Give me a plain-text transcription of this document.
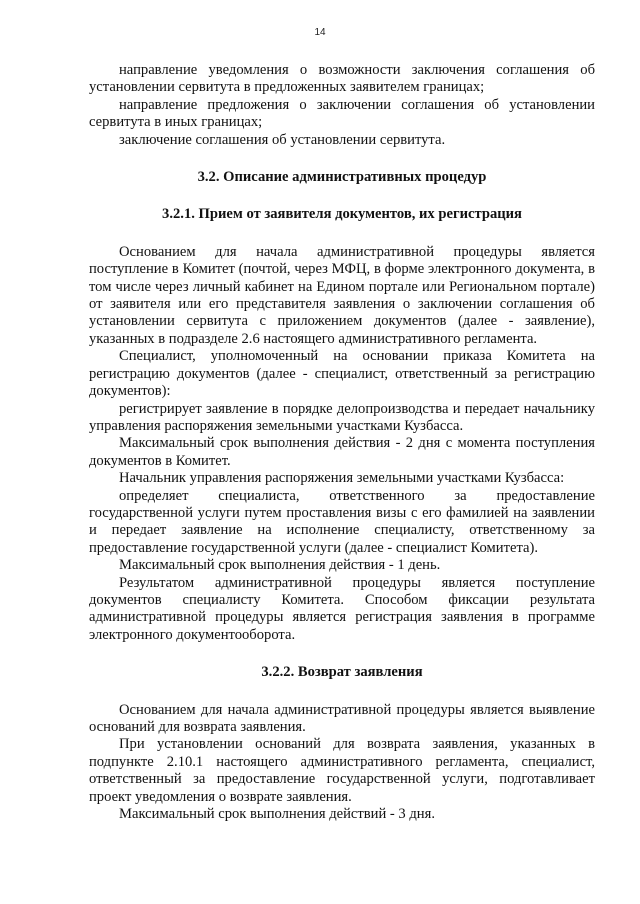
14

направление уведомления о возможности заключения соглашения об установлении сервитута в предложенных заявителем границах;

направление предложения о заключении соглашения об установлении сервитута в иных границах;

заключение соглашения об установлении сервитута.

3.2. Описание административных процедур
3.2.1. Прием от заявителя документов, их регистрация

Основанием для начала административной процедуры является поступление в Комитет (почтой, через МФЦ, в форме электронного документа, в том числе через личный кабинет на Едином портале или Региональном портале) от заявителя или его представителя заявления о заключении соглашения об установлении сервитута с приложением документов (далее - заявление), указанных в подразделе 2.6 настоящего административного регламента.

Специалист, уполномоченный на основании приказа Комитета на регистрацию документов (далее - специалист, ответственный за регистрацию документов):

регистрирует заявление в порядке делопроизводства и передает начальнику управления распоряжения земельными участками Кузбасса.

Максимальный срок выполнения действия - 2 дня с момента поступления документов в Комитет.

Начальник управления распоряжения земельными участками Кузбасса:

определяет специалиста, ответственного за предоставление государственной услуги путем проставления визы с его фамилией на заявлении и передает заявление на исполнение специалисту, ответственному за предоставление государственной услуги (далее - специалист Комитета).

Максимальный срок выполнения действия - 1 день.

Результатом административной процедуры является поступление документов специалисту Комитета. Способом фиксации результата административной процедуры является регистрация заявления в программе электронного документооборота.

3.2.2. Возврат заявления

Основанием для начала административной процедуры является выявление оснований для возврата заявления.

При установлении оснований для возврата заявления, указанных в подпункте 2.10.1 настоящего административного регламента, специалист, ответственный за предоставление государственной услуги, подготавливает проект уведомления о возврате заявления.

Максимальный срок выполнения действий - 3 дня.
